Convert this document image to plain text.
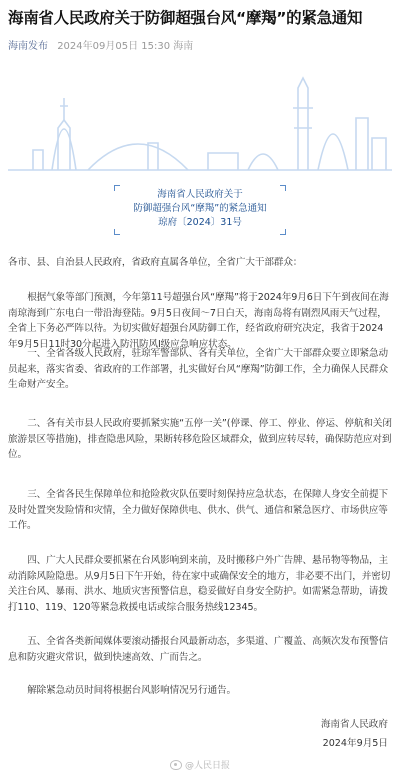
海南省人民政府关于防御超强台风“摩羯”的紧急通知
海南发布 2024年09月05日 15:30 海南
海南省人民政府关于
防御超强台风“摩羯”的紧急通知
琼府〔2024〕31号
各市、县、自治县人民政府，省政府直属各单位，全省广大干部群众：
根据气象等部门预测，今年第11号超强台风“摩羯”将于2024年9月6日下午到夜间在海南琼海到广东电白一带沿海登陆。9月5日夜间～7日白天，海南岛将有剧烈风雨天气过程，全省上下务必严阵以待。为切实做好超强台风防御工作，经省政府研究决定，我省于2024年9月5日11时30分起进入防汛防风Ⅰ级应急响应状态。
一、全省各级人民政府，驻琼军警部队、各有关单位，全省广大干部群众要立即紧急动员起来，落实省委、省政府的工作部署，扎实做好台风“摩羯”防御工作，全力确保人民群众生命财产安全。
二、各有关市县人民政府要抓紧实施“五停一关”(停课、停工、停业、停运、停航和关闭旅游景区等措施)，排查隐患风险，果断转移危险区域群众，做到应转尽转，确保防范应对到位。
三、全省各民生保障单位和抢险救灾队伍要时刻保持应急状态，在保障人身安全前提下及时处置突发险情和灾情，全力做好保障供电、供水、供气、通信和紧急医疗、市场供应等工作。
四、广大人民群众要抓紧在台风影响到来前，及时搬移户外广告牌、悬吊物等物品，主动消除风险隐患。从9月5日下午开始，待在家中或确保安全的地方，非必要不出门，并密切关注台风、暴雨、洪水、地质灾害预警信息，稳妥做好自身安全防护。如需紧急帮助，请拨打110、119、120等紧急救援电话或综合服务热线12345。
五、全省各类新闻媒体要滚动播报台风最新动态，多渠道、广覆盖、高频次发布预警信息和防灾避灾常识，做到快速高效、广而告之。
解除紧急动员时间将根据台风影响情况另行通告。
海南省人民政府
2024年9月5日
@人民日报
